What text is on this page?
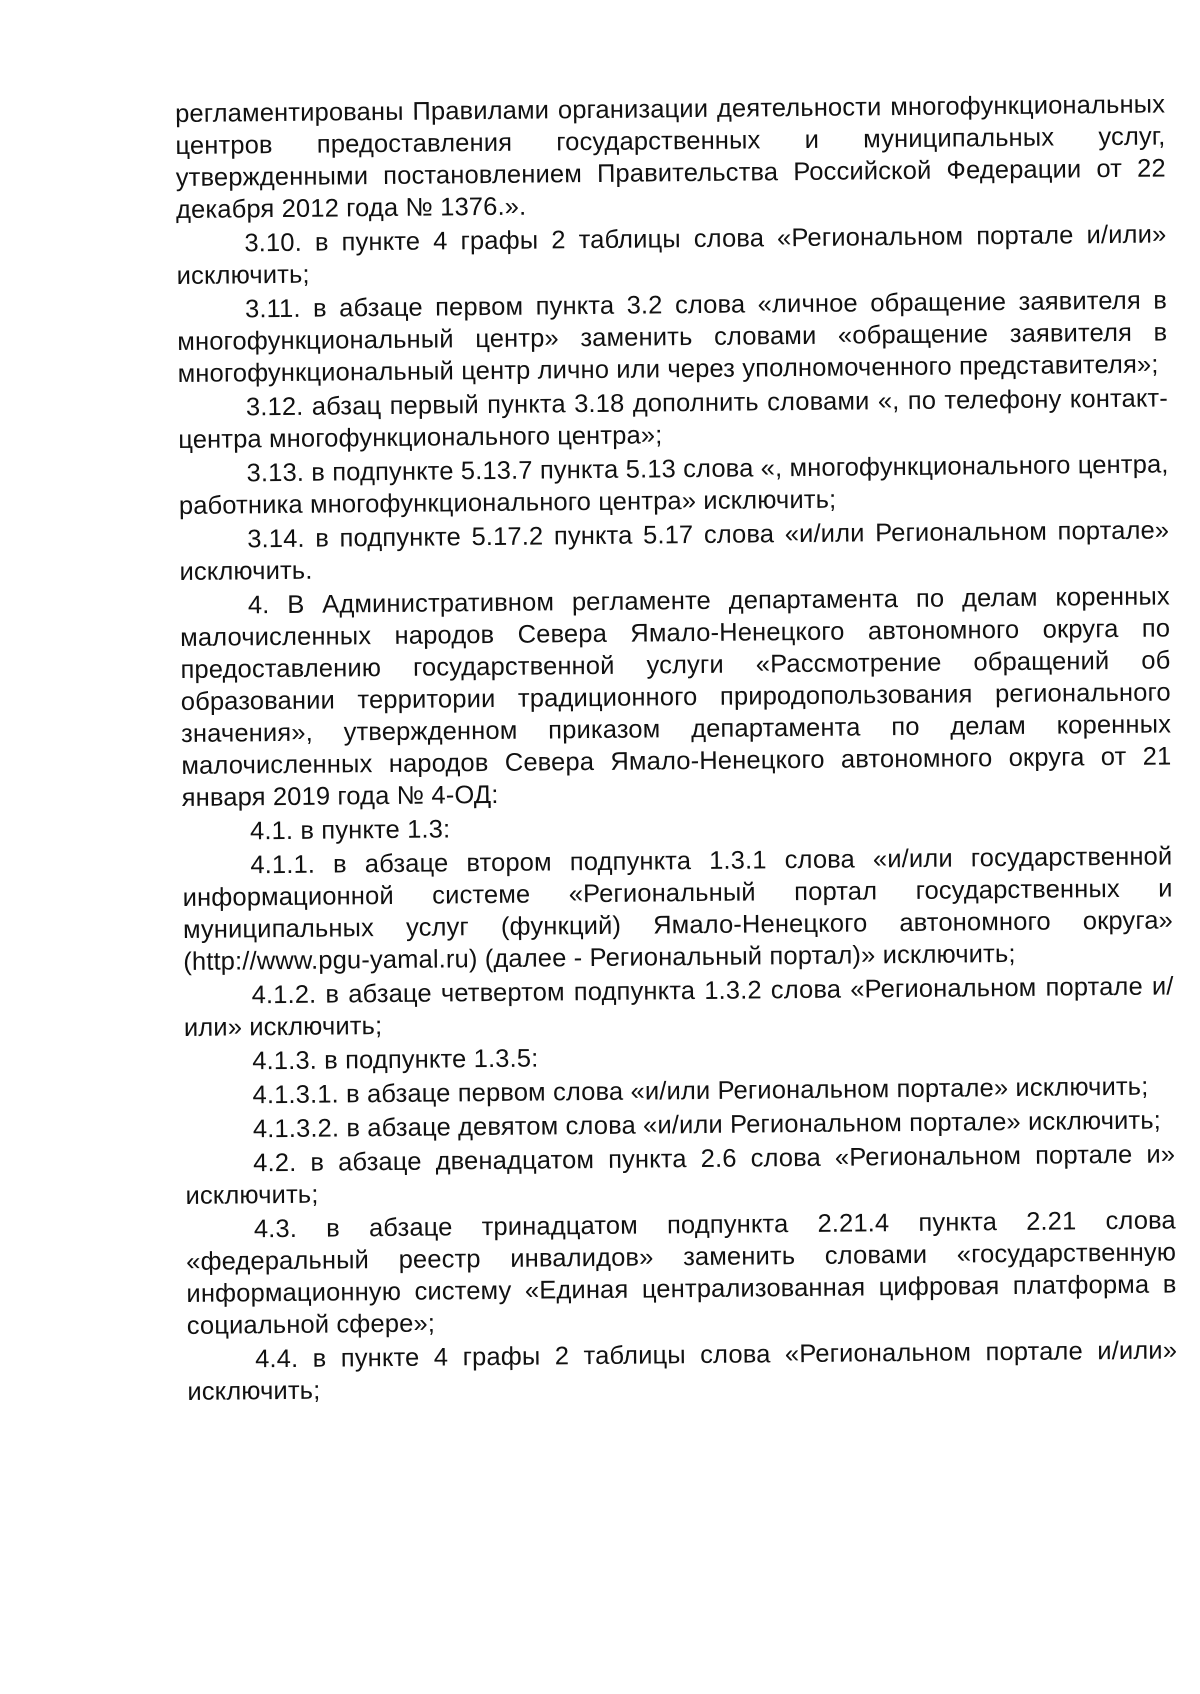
регламентированы Правилами организации деятельности многофункциональных центров предоставления государственных и муниципальных услуг, утвержденными постановлением Правительства Российской Федерации от 22 декабря 2012 года № 1376.».

3.10. в пункте 4 графы 2 таблицы слова «Региональном портале и/или» исключить;

3.11. в абзаце первом пункта 3.2 слова «личное обращение заявителя в многофункциональный центр» заменить словами «обращение заявителя в многофункциональный центр лично или через уполномоченного представителя»;

3.12. абзац первый пункта 3.18 дополнить словами «, по телефону контакт-центра многофункционального центра»;

3.13. в подпункте 5.13.7 пункта 5.13 слова «, многофункционального центра, работника многофункционального центра» исключить;

3.14. в подпункте 5.17.2 пункта 5.17 слова «и/или Региональном портале» исключить.

4. В Административном регламенте департамента по делам коренных малочисленных народов Севера Ямало-Ненецкого автономного округа по предоставлению государственной услуги «Рассмотрение обращений об образовании территории традиционного природопользования регионального значения», утвержденном приказом департамента по делам коренных малочисленных народов Севера Ямало-Ненецкого автономного округа от 21 января 2019 года № 4-ОД:

4.1. в пункте 1.3:

4.1.1. в абзаце втором подпункта 1.3.1 слова «и/или государственной информационной системе «Региональный портал государственных и муниципальных услуг (функций) Ямало-Ненецкого автономного округа» (http://www.pgu-yamal.ru) (далее - Региональный портал)» исключить;

4.1.2. в абзаце четвертом подпункта 1.3.2 слова «Региональном портале и/или» исключить;

4.1.3. в подпункте 1.3.5:

4.1.3.1. в абзаце первом слова «и/или Региональном портале» исключить;

4.1.3.2. в абзаце девятом слова «и/или Региональном портале» исключить;

4.2. в абзаце двенадцатом пункта 2.6 слова «Региональном портале и» исключить;

4.3. в абзаце тринадцатом подпункта 2.21.4 пункта 2.21 слова «федеральный реестр инвалидов» заменить словами «государственную информационную систему «Единая централизованная цифровая платформа в социальной сфере»;

4.4. в пункте 4 графы 2 таблицы слова «Региональном портале и/или» исключить;
